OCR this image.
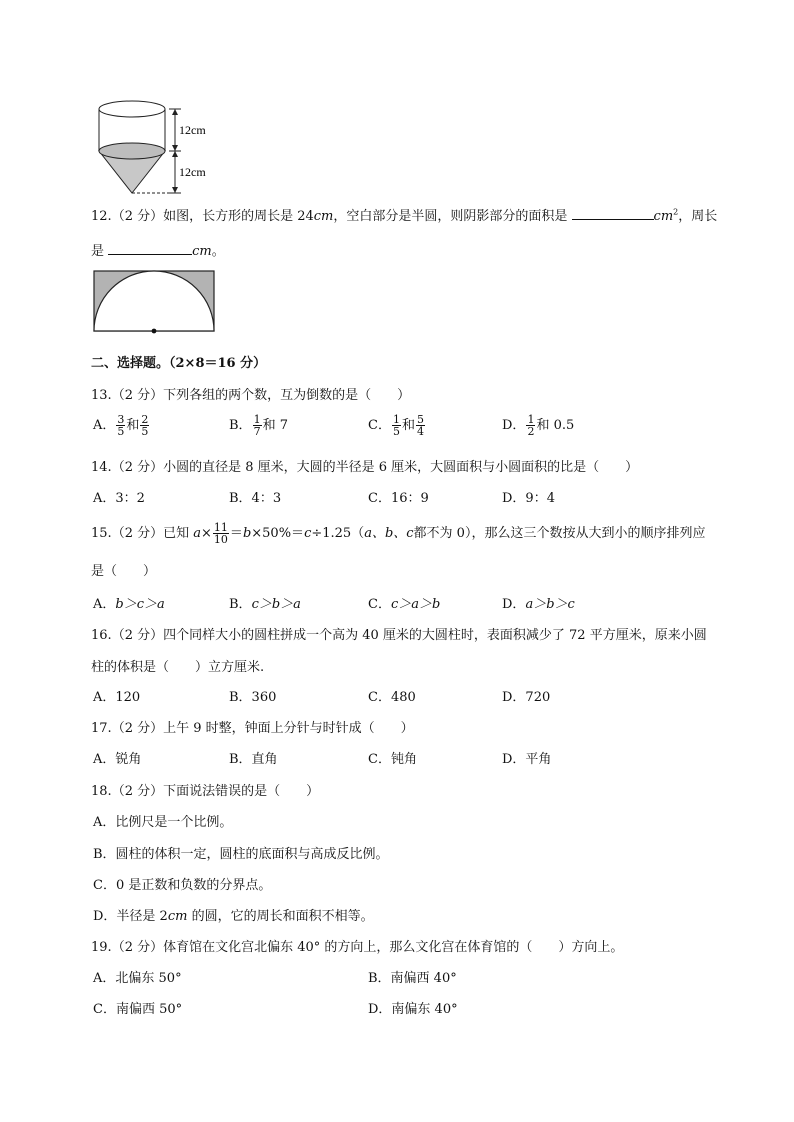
12cm
12cm
12.（2 分）如图，长方形的周长是 24cm，空白部分是半圆，则阴影部分的面积是	$cm^2$，周长
是	cm。
二、选择题。（2×8＝16 分）
13.（2 分）下列各组的两个数，互为倒数的是（　　）
A． $\frac{3}{5}$ 和 $\frac{2}{5}$	B． $\frac{1}{7}$ 和 7	C． $\frac{1}{5}$ 和 $\frac{5}{4}$	D． $\frac{1}{2}$ 和 0.5
14.（2 分）小圆的直径是 8 厘米，大圆的半径是 6 厘米，大圆面积与小圆面积的比是（　　）
A．3：2	B．4：3	C．16：9	D．9：4
15.（2 分）已知 $a\times \frac{11}{10} =b\times 50\%=c\div 1.25(a$、b、c都不为 0），那么这三个数按从大到小的顺序排列应
是（　　）
A．b＞c＞a	B．c＞b＞a	C．c＞a＞b	D．a＞b＞c
16.（2 分）四个同样大小的圆柱拼成一个高为 40 厘米的大圆柱时，表面积减少了 72 平方厘米，原来小圆
柱的体积是（　　）立方厘米.
A．120	B．360	C．480	D．720
17.（2 分）上午 9 时整，钟面上分针与时针成（　　）
A．锐角	B．直角	C．钝角	D．平角
18.（2 分）下面说法错误的是（　　）
A．比例尺是一个比例。
B．圆柱的体积一定，圆柱的底面积与高成反比例。
C．0 是正数和负数的分界点。
D．半径是 2cm 的圆，它的周长和面积不相等。
19.（2 分）体育馆在文化宫北偏东 40° 的方向上，那么文化宫在体育馆的（　　）方向上。
A．北偏东 50°	B．南偏西 40°
C．南偏西 50°	D．南偏东 40°
